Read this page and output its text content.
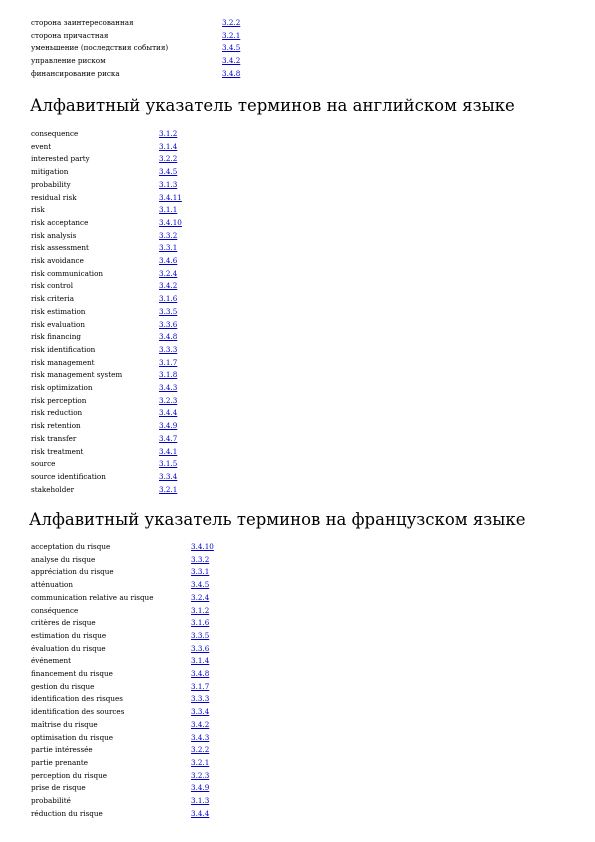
сторона заинтересованная	3.2.2
сторона причастная	3.2.1
уменьшение (последствия события)	3.4.5
управление риском	3.4.2
финансирование риска	3.4.8
Алфавитный указатель терминов на английском языке
consequence	3.1.2
event	3.1.4
interested party	3.2.2
mitigation	3.4.5
probability	3.1.3
residual risk	3.4.11
risk	3.1.1
risk acceptance	3.4.10
risk analysis	3.3.2
risk assessment	3.3.1
risk avoidance	3.4.6
risk communication	3.2.4
risk control	3.4.2
risk criteria	3.1.6
risk estimation	3.3.5
risk evaluation	3.3.6
risk financing	3.4.8
risk identification	3.3.3
risk management	3.1.7
risk management system	3.1.8
risk optimization	3.4.3
risk perception	3.2.3
risk reduction	3.4.4
risk retention	3.4.9
risk transfer	3.4.7
risk treatment	3.4.1
source	3.1.5
source identification	3.3.4
stakeholder	3.2.1
Алфавитный указатель терминов на французском языке
acceptation du risque	3.4.10
analyse du risque	3.3.2
appréciation du risque	3.3.1
atténuation	3.4.5
communication relative au risque	3.2.4
conséquence	3.1.2
critères de risque	3.1.6
estimation du risque	3.3.5
évaluation du risque	3.3.6
événement	3.1.4
financement du risque	3.4.8
gestion du risque	3.1.7
identification des risques	3.3.3
identification des sources	3.3.4
maîtrise du risque	3.4.2
optimisation du risque	3.4.3
partie intéressée	3.2.2
partie prenante	3.2.1
perception du risque	3.2.3
prise de risque	3.4.9
probabilité	3.1.3
réduction du risque	3.4.4
